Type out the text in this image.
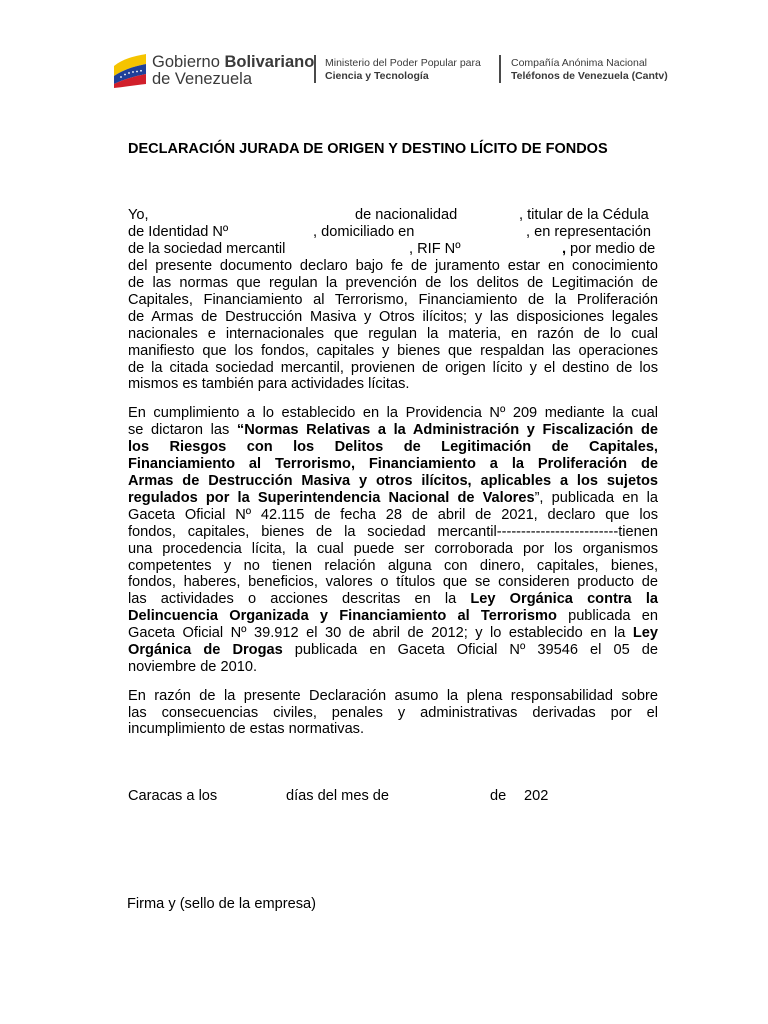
Gobierno Bolivariano
de Venezuela
Ministerio del Poder Popular para
Ciencia y Tecnología
Compañía Anónima Nacional
Teléfonos de Venezuela (Cantv)
DECLARACIÓN JURADA DE ORIGEN Y DESTINO LÍCITO DE FONDOS
Yo,	de nacionalidad	, titular de la Cédula
de Identidad Nº	, domiciliado en	, en representación
de la sociedad mercantil	, RIF Nº	, por medio de
del presente documento declaro bajo fe de juramento estar en conocimiento
de las normas que regulan la prevención de los delitos de Legitimación de
Capitales, Financiamiento al Terrorismo, Financiamiento de la Proliferación
de Armas de Destrucción Masiva y Otros ilícitos; y las disposiciones legales
nacionales e internacionales que regulan la materia, en razón de lo cual
manifiesto que los fondos, capitales y bienes que respaldan las operaciones
de la citada sociedad mercantil, provienen de origen lícito y el destino de los
mismos es también para actividades lícitas.
En cumplimiento a lo establecido en la Providencia Nº 209 mediante la cual
se dictaron las “Normas Relativas a la Administración y Fiscalización de
los Riesgos con los Delitos de Legitimación de Capitales,
Financiamiento al Terrorismo, Financiamiento a la Proliferación de
Armas de Destrucción Masiva y otros ilícitos, aplicables a los sujetos
regulados por la Superintendencia Nacional de Valores”, publicada en la
Gaceta Oficial Nº 42.115 de fecha 28 de abril de 2021, declaro que los
fondos, capitales, bienes de la sociedad mercantil-------------------------tienen
una procedencia lícita, la cual puede ser corroborada por los organismos
competentes y no tienen relación alguna con dinero, capitales, bienes,
fondos, haberes, beneficios, valores o títulos que se consideren producto de
las actividades o acciones descritas en la Ley Orgánica contra la
Delincuencia Organizada y Financiamiento al Terrorismo publicada en
Gaceta Oficial Nº 39.912 el 30 de abril de 2012; y lo establecido en la Ley
Orgánica de Drogas publicada en Gaceta Oficial Nº 39546 el 05 de
noviembre de 2010.
En razón de la presente Declaración asumo la plena responsabilidad sobre
las consecuencias civiles, penales y administrativas derivadas por el
incumplimiento de estas normativas.
Caracas a los	días del mes de	de 202
Firma y (sello de la empresa)
